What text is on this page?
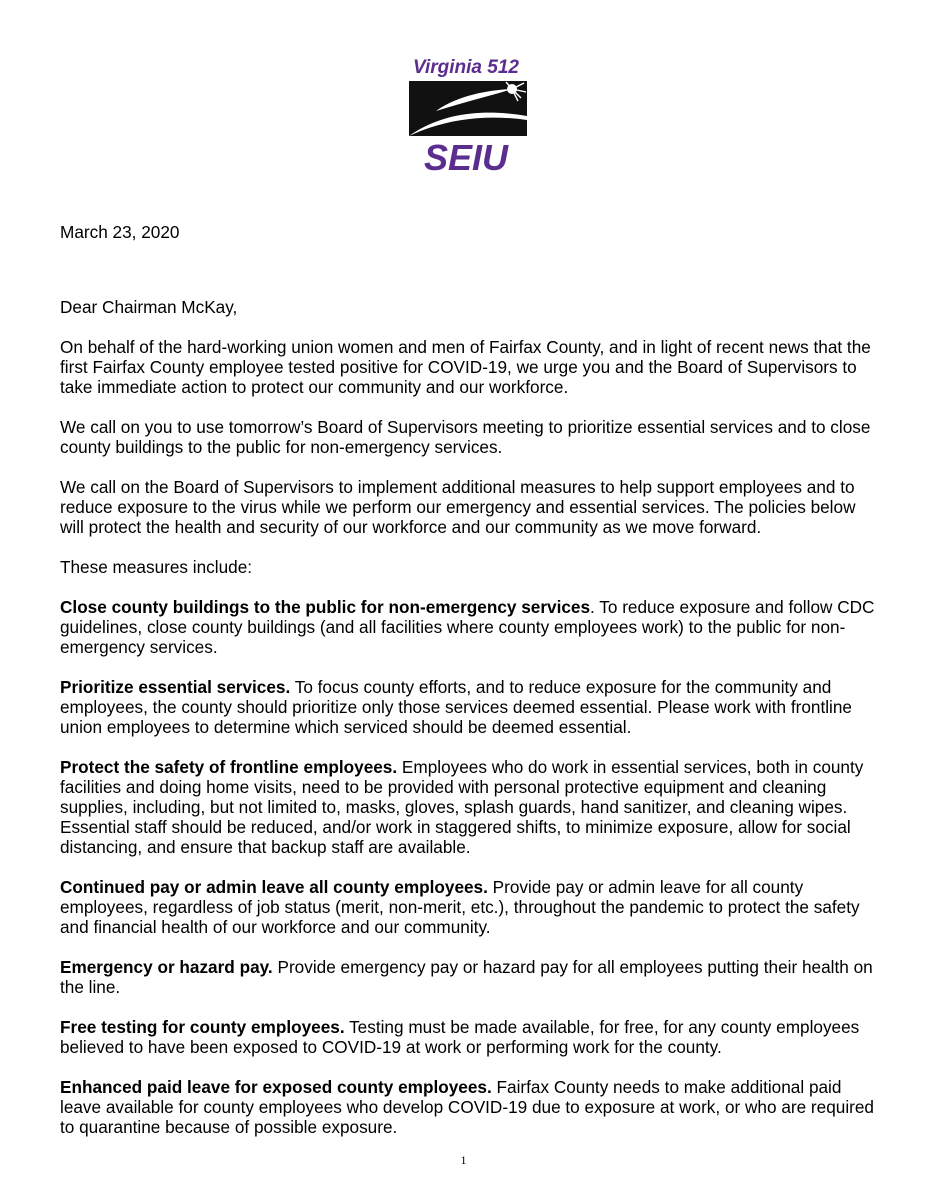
Virginia 512
SEIU

March 23, 2020

Dear Chairman McKay,

On behalf of the hard-working union women and men of Fairfax County, and in light of recent news that the first Fairfax County employee tested positive for COVID-19, we urge you and the Board of Supervisors to take immediate action to protect our community and our workforce.

We call on you to use tomorrow’s Board of Supervisors meeting to prioritize essential services and to close county buildings to the public for non-emergency services.

We call on the Board of Supervisors to implement additional measures to help support employees and to reduce exposure to the virus while we perform our emergency and essential services. The policies below will protect the health and security of our workforce and our community as we move forward.

These measures include:

Close county buildings to the public for non-emergency services. To reduce exposure and follow CDC guidelines, close county buildings (and all facilities where county employees work) to the public for non-emergency services.

Prioritize essential services. To focus county efforts, and to reduce exposure for the community and employees, the county should prioritize only those services deemed essential. Please work with frontline union employees to determine which serviced should be deemed essential.

Protect the safety of frontline employees. Employees who do work in essential services, both in county facilities and doing home visits, need to be provided with personal protective equipment and cleaning supplies, including, but not limited to, masks, gloves, splash guards, hand sanitizer, and cleaning wipes. Essential staff should be reduced, and/or work in staggered shifts, to minimize exposure, allow for social distancing, and ensure that backup staff are available.

Continued pay or admin leave all county employees. Provide pay or admin leave for all county employees, regardless of job status (merit, non-merit, etc.), throughout the pandemic to protect the safety and financial health of our workforce and our community.

Emergency or hazard pay. Provide emergency pay or hazard pay for all employees putting their health on the line.

Free testing for county employees. Testing must be made available, for free, for any county employees believed to have been exposed to COVID-19 at work or performing work for the county.

Enhanced paid leave for exposed county employees. Fairfax County needs to make additional paid leave available for county employees who develop COVID-19 due to exposure at work, or who are required to quarantine because of possible exposure.

1
